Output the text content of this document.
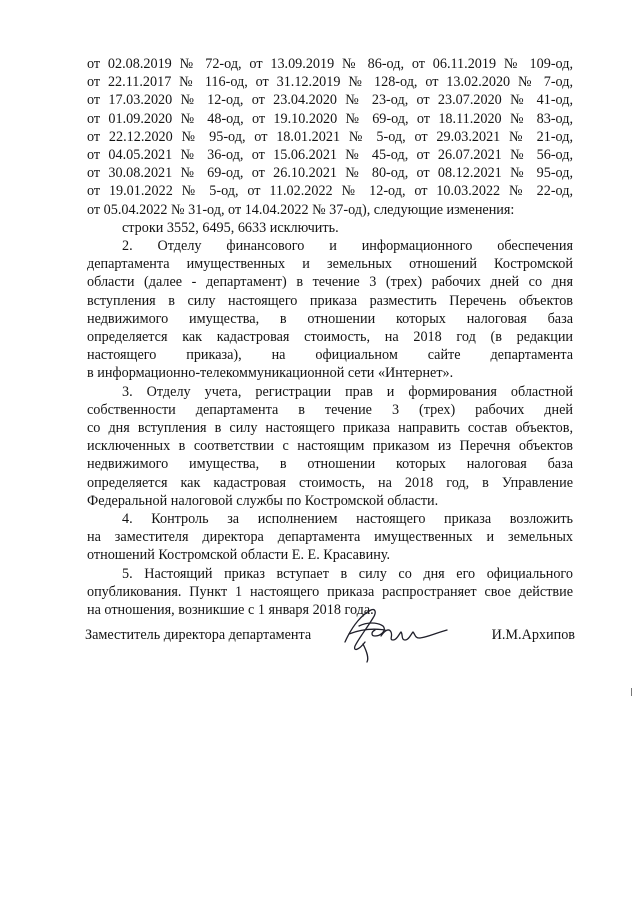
от 02.08.2019 № 72-од, от 13.09.2019 № 86-од, от 06.11.2019 № 109-од,
от 22.11.2017 № 116-од, от 31.12.2019 № 128-од, от 13.02.2020 № 7-од,
от 17.03.2020 № 12-од, от 23.04.2020 № 23-од, от 23.07.2020 № 41-од,
от 01.09.2020 № 48-од, от 19.10.2020 № 69-од, от 18.11.2020 № 83-од,
от 22.12.2020 № 95-од, от 18.01.2021 № 5-од, от 29.03.2021 № 21-од,
от 04.05.2021 № 36-од, от 15.06.2021 № 45-од, от 26.07.2021 № 56-од,
от 30.08.2021 № 69-од, от 26.10.2021 № 80-од, от 08.12.2021 № 95-од,
от 19.01.2022 № 5-од, от 11.02.2022 № 12-од, от 10.03.2022 № 22-од,
от 05.04.2022 № 31-од, от 14.04.2022 № 37-од), следующие изменения:
строки 3552, 6495, 6633 исключить.
2. Отделу финансового и информационного обеспечения
департамента имущественных и земельных отношений Костромской
области (далее - департамент) в течение 3 (трех) рабочих дней со дня
вступления в силу настоящего приказа разместить Перечень объектов
недвижимого имущества, в отношении которых налоговая база
определяется как кадастровая стоимость, на 2018 год (в редакции
настоящего приказа), на официальном сайте департамента
в информационно-телекоммуникационной сети «Интернет».
3. Отделу учета, регистрации прав и формирования областной
собственности департамента в течение 3 (трех) рабочих дней
со дня вступления в силу настоящего приказа направить состав объектов,
исключенных в соответствии с настоящим приказом из Перечня объектов
недвижимого имущества, в отношении которых налоговая база
определяется как кадастровая стоимость, на 2018 год, в Управление
Федеральной налоговой службы по Костромской области.
4. Контроль за исполнением настоящего приказа возложить
на заместителя директора департамента имущественных и земельных
отношений Костромской области Е. Е. Красавину.
5. Настоящий приказ вступает в силу со дня его официального
опубликования. Пункт 1 настоящего приказа распространяет свое действие
на отношения, возникшие с 1 января 2018 года.
Заместитель директора департамента	И.М.Архипов
